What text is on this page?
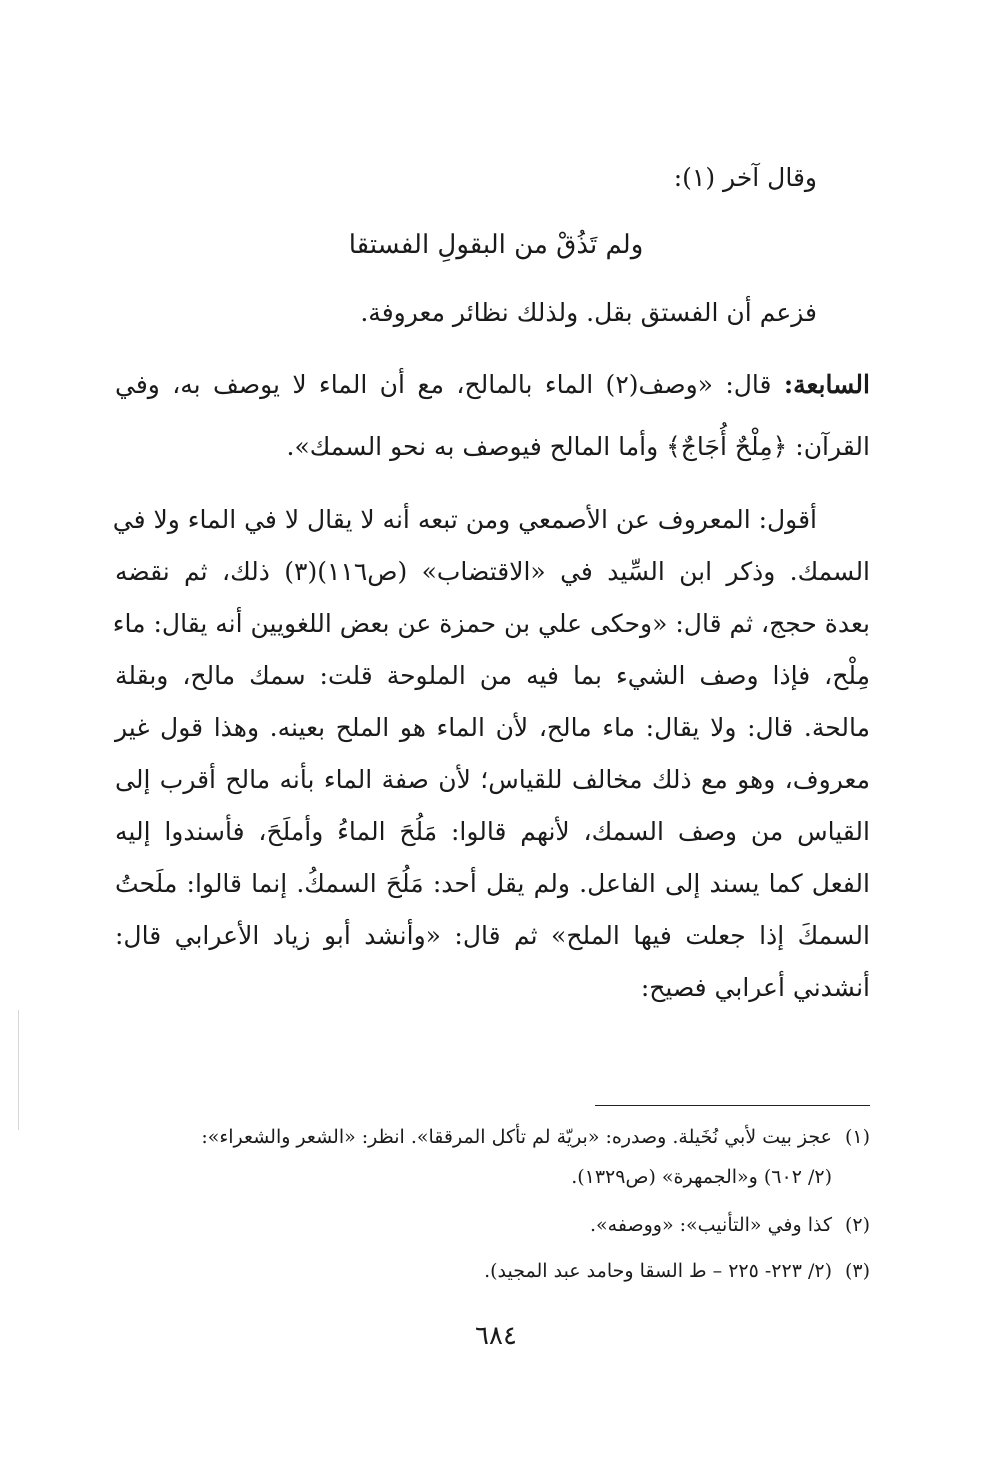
وقال آخر (١):
ولم تَذُقْ من البقولِ الفستقا
فزعم أن الفستق بقل. ولذلك نظائر معروفة.
السابعة: قال: «وصف(٢) الماء بالمالح، مع أن الماء لا يوصف به، وفي
القرآن: ﴿مِلْحٌ أُجَاجٌ﴾ وأما المالح فيوصف به نحو السمك».
أقول: المعروف عن الأصمعي ومن تبعه أنه لا يقال لا في الماء ولا في
السمك. وذكر ابن السِّيد في «الاقتضاب» (ص١١٦)(٣) ذلك، ثم نقضه
بعدة حجج، ثم قال: «وحكى علي بن حمزة عن بعض اللغويين أنه يقال: ماء
مِلْح، فإذا وصف الشيء بما فيه من الملوحة قلت: سمك مالح، وبقلة
مالحة. قال: ولا يقال: ماء مالح، لأن الماء هو الملح بعينه. وهذا قول غير
معروف، وهو مع ذلك مخالف للقياس؛ لأن صفة الماء بأنه مالح أقرب إلى
القياس من وصف السمك، لأنهم قالوا: مَلُحَ الماءُ وأملَحَ، فأسندوا إليه
الفعل كما يسند إلى الفاعل. ولم يقل أحد: مَلُحَ السمكُ. إنما قالوا: ملَحتُ
السمكَ إذا جعلت فيها الملح» ثم قال: «وأنشد أبو زياد الأعرابي قال:
أنشدني أعرابي فصيح:
(١)عجز بيت لأبي نُخَيلة. وصدره: «بريّة لم تأكل المرققا». انظر: «الشعر والشعراء»:
(٢/ ٦٠٢) و«الجمهرة» (ص١٣٢٩).
(٢)كذا وفي «التأنيب»: «ووصفه».
(٣)(٢/ ٢٢٣- ٢٢٥ – ط السقا وحامد عبد المجيد).
٦٨٤
